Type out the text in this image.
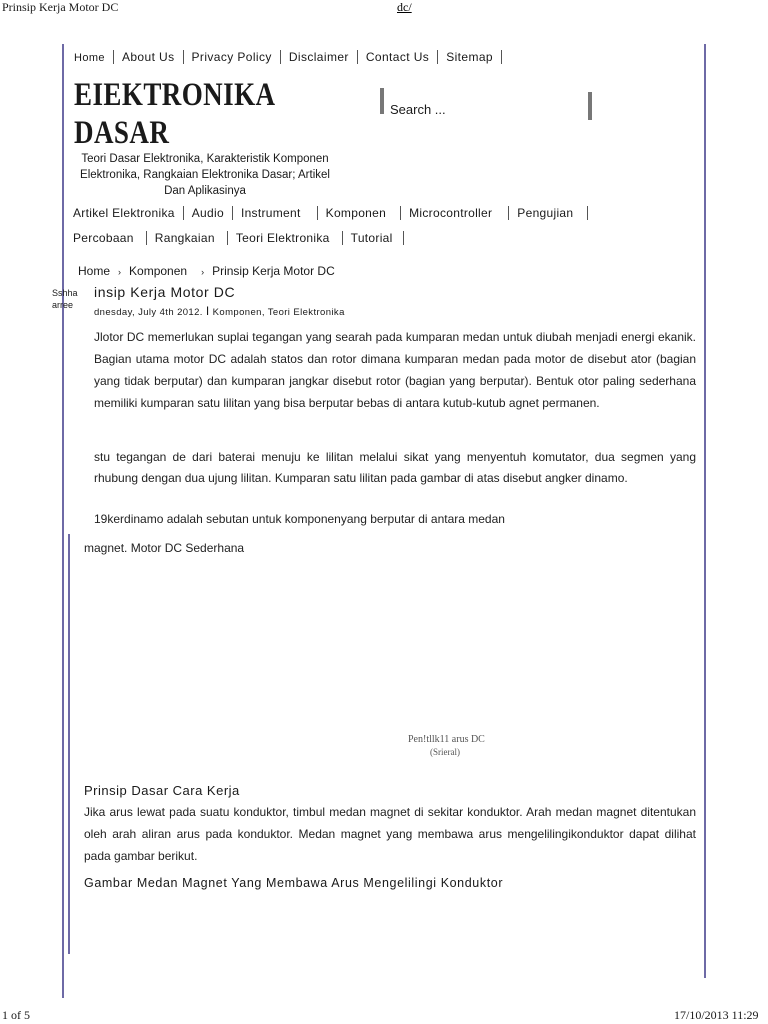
Prinsip Kerja Motor DC	dc/
Home About Us Privacy Policy Disclaimer Contact Us Sitemap
EIEKTRONIKA
DASAR
Teori Dasar Elektronika, Karakteristik Komponen Elektronika, Rangkaian Elektronika Dasar; Artikel Dan Aplikasinya
Search ...
Artikel Elektronika Audio Instrument Komponen Microcontroller Pengujian
Percobaan Rangkaian Teori Elektronika Tutorial
Home › Komponen › Prinsip Kerja Motor DC
Sshha arree
insip Kerja Motor DC
dnesday, July 4th 2012. I Komponen, Teori Elektronika
Jlotor DC memerlukan suplai tegangan yang searah pada kumparan medan untuk diubah menjadi energi ekanik. Bagian utama motor DC adalah statos dan rotor dimana kumparan medan pada motor de disebut ator (bagian yang tidak berputar) dan kumparan jangkar disebut rotor (bagian yang berputar). Bentuk otor paling sederhana memiliki kumparan satu lilitan yang bisa berputar bebas di antara kutub-kutub agnet permanen.
stu tegangan de dari baterai menuju ke lilitan melalui sikat yang menyentuh komutator, dua segmen yang rhubung dengan dua ujung lilitan. Kumparan satu lilitan pada gambar di atas disebut angker dinamo.
19kerdinamo adalah sebutan untuk komponenyang berputar di antara medan
magnet. Motor DC Sederhana
Pen!tllk11 arus DC
(Srieral)
Prinsip Dasar Cara Kerja
Jika arus lewat pada suatu konduktor, timbul medan magnet di sekitar konduktor. Arah medan magnet ditentukan oleh arah aliran arus pada konduktor. Medan magnet yang membawa arus mengelilingikonduktor dapat dilihat pada gambar berikut.
Gambar Medan Magnet Yang Membawa Arus Mengelilingi Konduktor
1 of 5	17/10/2013 11:29
